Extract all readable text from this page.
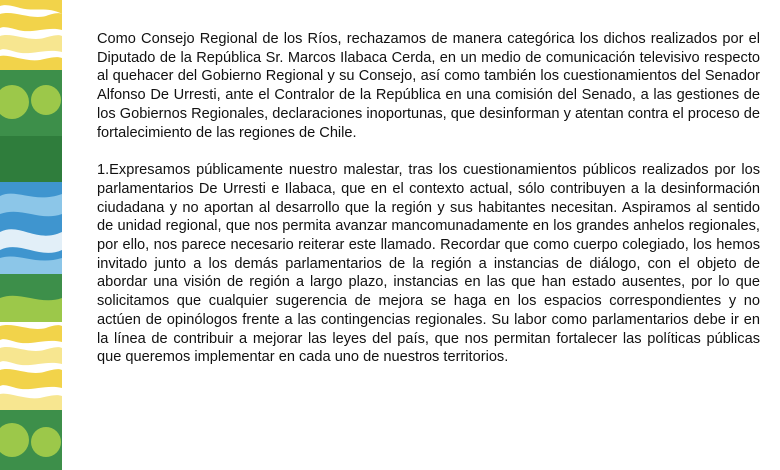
Como Consejo Regional de los Ríos, rechazamos de manera categórica los dichos realizados por el Diputado de la República Sr. Marcos Ilabaca Cerda, en un medio de comunicación televisivo respecto al quehacer del Gobierno Regional y su Consejo, así como también los cuestionamientos del Senador Alfonso De Urresti, ante el Contralor de la República en una comisión del Senado, a las gestiones de los Gobiernos Regionales, declaraciones inoportunas, que desinforman y atentan contra el proceso de fortalecimiento de las regiones de Chile.

1.Expresamos públicamente nuestro malestar, tras los cuestionamientos públicos realizados por los parlamentarios De Urresti e Ilabaca, que en el contexto actual, sólo contribuyen a la desinformación ciudadana y no aportan al desarrollo que la región y sus habitantes necesitan. Aspiramos al sentido de unidad regional, que nos permita avanzar mancomunadamente en los grandes anhelos regionales, por ello, nos parece necesario reiterar este llamado. Recordar que como cuerpo colegiado, los hemos invitado junto a los demás parlamentarios de la región a instancias de diálogo, con el objeto de abordar una visión de región a largo plazo, instancias en las que han estado ausentes, por lo que solicitamos que cualquier sugerencia de mejora se haga en los espacios correspondientes y no actúen de opinólogos frente a las contingencias regionales. Su labor como parlamentarios debe ir en la línea de contribuir a mejorar las leyes del país, que nos permitan fortalecer las políticas públicas que queremos implementar en cada uno de nuestros territorios.
